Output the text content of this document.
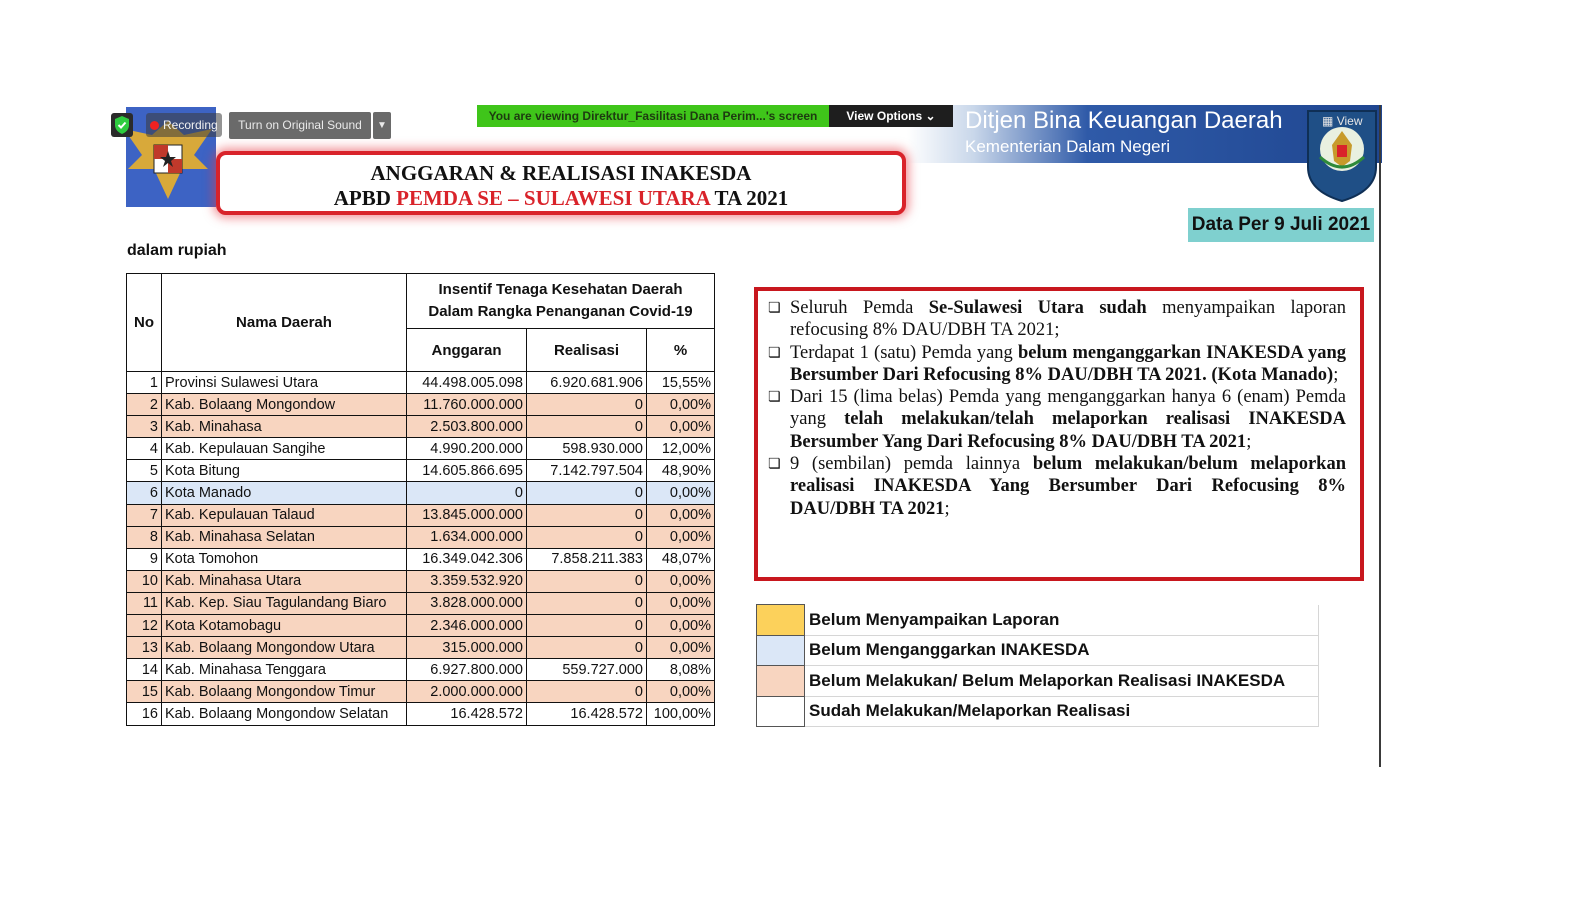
Ditjen Bina Keuangan Daerah
Kementerian Dalam Negeri
ANGGARAN & REALISASI INAKESDA
APBD PEMDA SE – SULAWESI UTARA TA 2021
Data Per 9 Juli 2021
dalam rupiah
No	Nama Daerah	Insentif Tenaga Kesehatan Daerah Dalam Rangka Penanganan Covid-19		
		Anggaran	Realisasi	%
1	Provinsi Sulawesi Utara	44.498.005.098	6.920.681.906	15,55%
2	Kab. Bolaang Mongondow	11.760.000.000	0	0,00%
3	Kab. Minahasa	2.503.800.000	0	0,00%
4	Kab. Kepulauan Sangihe	4.990.200.000	598.930.000	12,00%
5	Kota Bitung	14.605.866.695	7.142.797.504	48,90%
6	Kota Manado	0	0	0,00%
7	Kab. Kepulauan Talaud	13.845.000.000	0	0,00%
8	Kab. Minahasa Selatan	1.634.000.000	0	0,00%
9	Kota Tomohon	16.349.042.306	7.858.211.383	48,07%
10	Kab. Minahasa Utara	3.359.532.920	0	0,00%
11	Kab. Kep. Siau Tagulandang Biaro	3.828.000.000	0	0,00%
12	Kota Kotamobagu	2.346.000.000	0	0,00%
13	Kab. Bolaang Mongondow Utara	315.000.000	0	0,00%
14	Kab. Minahasa Tenggara	6.927.800.000	559.727.000	8,08%
15	Kab. Bolaang Mongondow Timur	2.000.000.000	0	0,00%
16	Kab. Bolaang Mongondow Selatan	16.428.572	16.428.572	100,00%
❏ Seluruh Pemda Se-Sulawesi Utara sudah menyampaikan laporan refocusing 8% DAU/DBH TA 2021;
❏ Terdapat 1 (satu) Pemda yang belum menganggarkan INAKESDA yang Bersumber Dari Refocusing 8% DAU/DBH TA 2021. (Kota Manado);
❏ Dari 15 (lima belas) Pemda yang menganggarkan hanya 6 (enam) Pemda yang telah melakukan/telah melaporkan realisasi INAKESDA Bersumber Yang Dari Refocusing 8% DAU/DBH TA 2021;
❏ 9 (sembilan) pemda lainnya belum melakukan/belum melaporkan realisasi INAKESDA Yang Bersumber Dari Refocusing 8% DAU/DBH TA 2021;
	Belum Menyampaikan Laporan
	Belum Menganggarkan INAKESDA
	Belum Melakukan/ Belum Melaporkan Realisasi INAKESDA
	Sudah Melakukan/Melaporkan Realisasi
You are viewing Direktur_Fasilitasi Dana Perim...'s screen	View Options ⌄
Turn on Original Sound	▼
Recording	▦ View
